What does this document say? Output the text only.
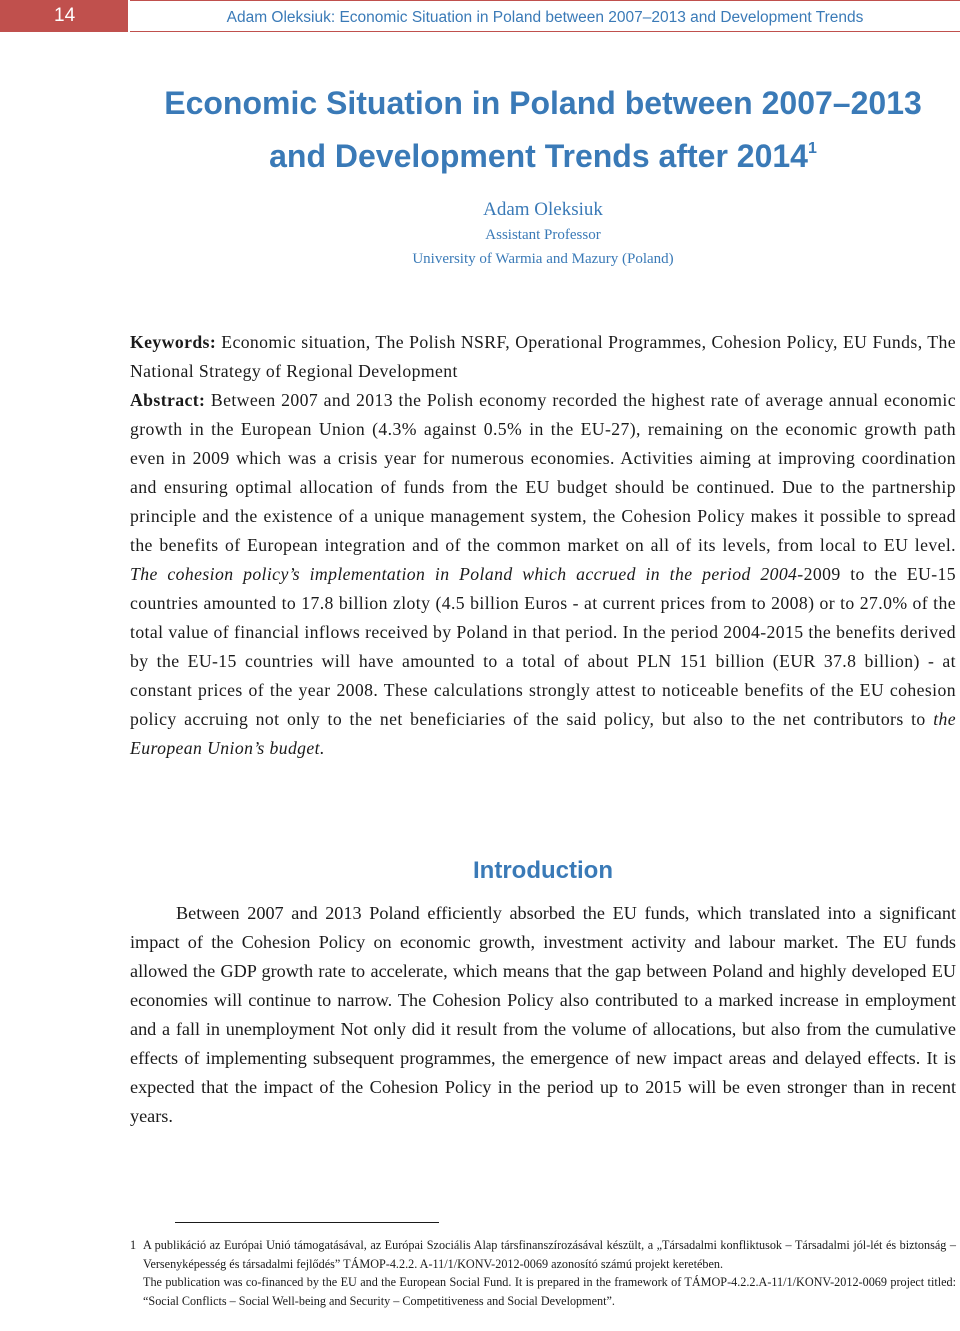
14	Adam Oleksiuk: Economic Situation in Poland between 2007–2013 and Development Trends
Economic Situation in Poland between 2007–2013
and Development Trends after 2014$^1$
Adam Oleksiuk
Assistant Professor
University of Warmia and Mazury (Poland)
Keywords: Economic situation, The Polish NSRF, Operational Programmes, Cohesion Policy, EU Funds, The National Strategy of Regional Development
Abstract: Between 2007 and 2013 the Polish economy recorded the highest rate of average annual economic growth in the European Union (4.3% against 0.5% in the EU-27), remaining on the economic growth path even in 2009 which was a crisis year for numerous economies. Activities aiming at improving coordination and ensuring optimal allocation of funds from the EU budget should be continued. Due to the partnership principle and the existence of a unique management system, the Cohesion Policy makes it possible to spread the benefits of European integration and of the common market on all of its levels, from local to EU level. The cohesion policy’s implementation in Poland which accrued in the period 2004-2009 to the EU-15 countries amounted to 17.8 billion zloty (4.5 billion Euros - at current prices from to 2008) or to 27.0% of the total value of financial inflows received by Poland in that period. In the period 2004-2015 the benefits derived by the EU-15 countries will have amounted to a total of about PLN 151 billion (EUR 37.8 billion) - at constant prices of the year 2008. These calculations strongly attest to noticeable benefits of the EU cohesion policy accruing not only to the net beneficiaries of the said policy, but also to the net contributors to the European Union’s budget.
Introduction
Between 2007 and 2013 Poland efficiently absorbed the EU funds, which translated into a significant impact of the Cohesion Policy on economic growth, investment activity and labour market. The EU funds allowed the GDP growth rate to accelerate, which means that the gap between Poland and highly developed EU economies will continue to narrow. The Cohesion Policy also contributed to a marked increase in employment and a fall in unemployment Not only did it result from the volume of allocations, but also from the cumulative effects of implementing subsequent programmes, the emergence of new impact areas and delayed effects. It is expected that the impact of the Cohesion Policy in the period up to 2015 will be even stronger than in recent years.
1 A publikáció az Európai Unió támogatásával, az Európai Szociális Alap társfinanszírozásával készült, a „Társadalmi konfliktusok – Társadalmi jól-lét és biztonság – Versenyképesség és társadalmi fejlődés” TÁMOP-4.2.2. A-11/1/KONV-2012-0069 azonosító számú projekt keretében.
The publication was co-financed by the EU and the European Social Fund. It is prepared in the framework of TÁMOP-4.2.2.A-11/1/KONV-2012-0069 project titled: “Social Conflicts – Social Well-being and Security – Competitiveness and Social Development”.
